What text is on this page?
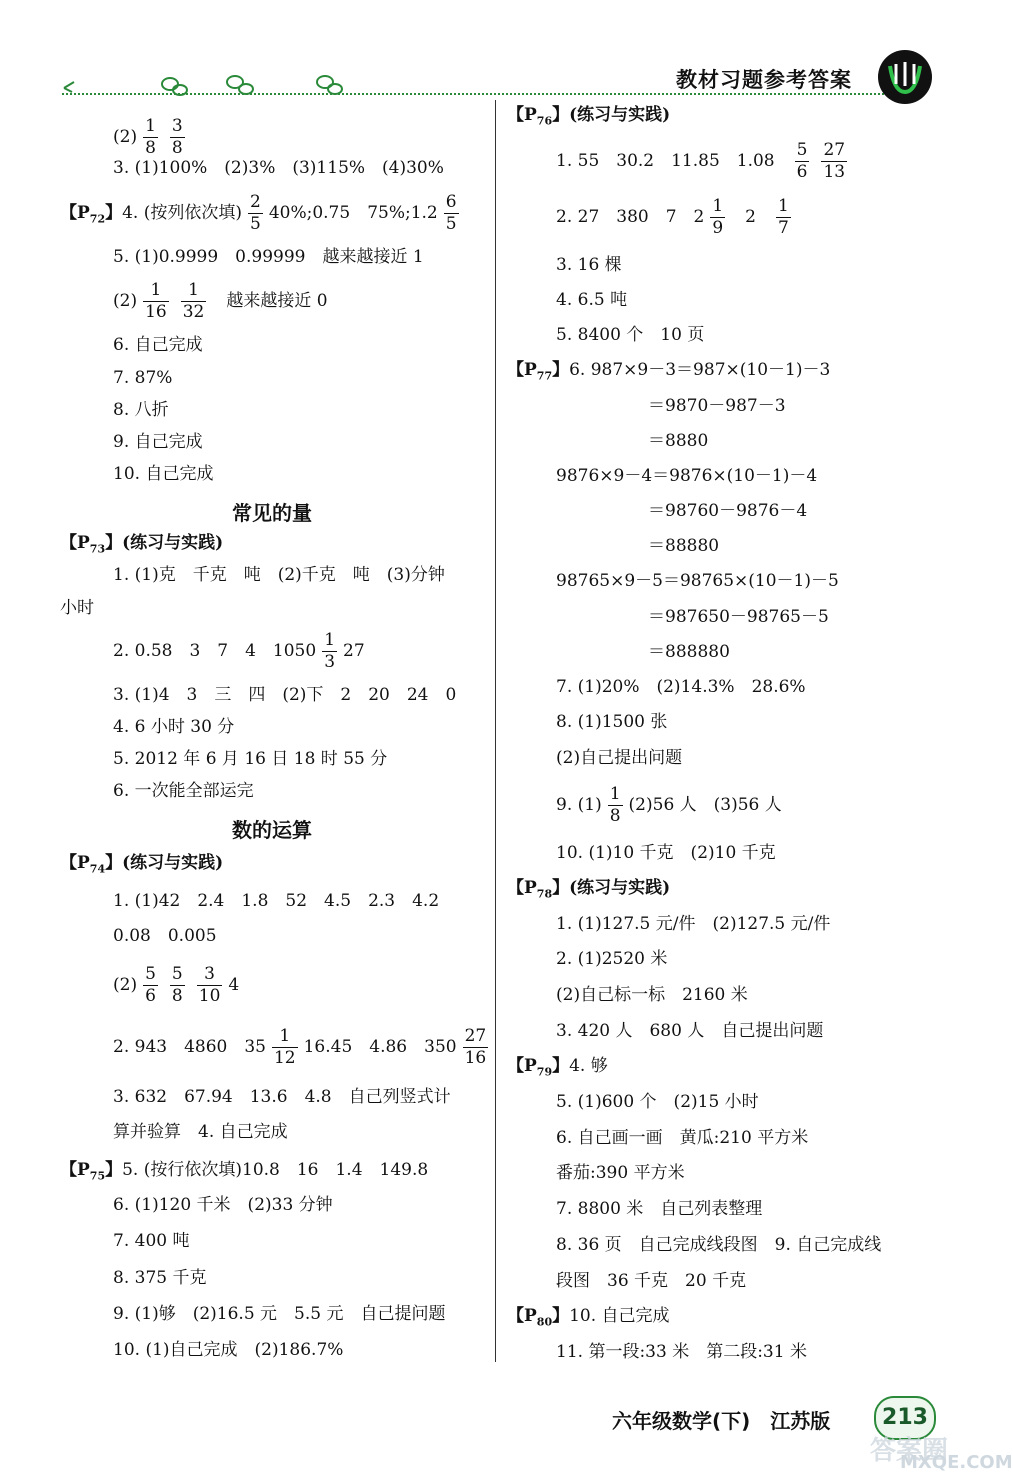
教材习题参考答案
$(2) \frac{1}{8} \frac{3}{8}$
3. (1)100%　(2)3%　(3)115%　(4)30%
【$P_{72}$】4. (按列依次填) $\frac{2}{5}$ 40%;0.75　75%;1.2 $\frac{6}{5}$
5. (1)0.9999　0.99999　越来越接近 1
$(2) \frac{1}{16} \frac{1}{32}$ 越来越接近 0
6. 自己完成
7. 87%
8. 八折
9. 自己完成
10. 自己完成
常见的量
【$P_{73}$】(练习与实践)
1. (1)克　千克　吨　(2)千克　吨　(3)分钟
小时
2. 0.58　3　7　4　$1050 \frac{1}{3} 27$
3. (1)4　3　三　四　(2)下　2　20　24　0
4. 6 小时 30 分
5. 2012 年 6 月 16 日 18 时 55 分
6. 一次能全部运完
数的运算
【$P_{74}$】(练习与实践)
1. (1)42　2.4　1.8　52　4.5　2.3　4.2
0.08　0.005
$(2) \frac{5}{6} \frac{5}{8} \frac{3}{10} 4$
2. 943　4860　$35 \frac{1}{12} 16.45$　4.86　$350 \frac{27}{16}$
3. 632　67.94　13.6　4.8　自己列竖式计
算并验算　4. 自己完成
【$P_{75}$】5. (按行依次填)10.8　16　1.4　149.8
6. (1)120 千米　(2)33 分钟
7. 400 吨
8. 375 千克
9. (1)够　(2)16.5 元　5.5 元　自己提问题
10. (1)自己完成　(2)186.7%
【$P_{76}$】(练习与实践)
1. 55　30.2　11.85　$1.08 \frac{5}{6} \frac{27}{13}$
2. 27　380　7　$2 \frac{1}{9} 2 \frac{1}{7}$
3. 16 棵
4. 6.5 吨
5. 8400 个　10 页
【$P_{77}$】6. 987×9－3＝987×(10－1)－3
＝9870－987－3
＝8880
9876×9－4＝9876×(10－1)－4
＝98760－9876－4
＝88880
98765×9－5＝98765×(10－1)－5
＝987650－98765－5
＝888880
7. (1)20%　(2)14.3%　28.6%
8. (1)1500 张
(2)自己提出问题
9. $(1) \frac{1}{8} (2)56$ 人　(3)56 人
10. (1)10 千克　(2)10 千克
【$P_{78}$】(练习与实践)
1. (1)127.5 元/件　(2)127.5 元/件
2. (1)2520 米
(2)自己标一标　2160 米
3. 420 人　680 人　自己提出问题
【$P_{79}$】4. 够
5. (1)600 个　(2)15 小时
6. 自己画一画　黄瓜:210 平方米
番茄:390 平方米
7. 8800 米　自己列表整理
8. 36 页　自己完成线段图　9. 自己完成线
段图　36 千克　20 千克
【$P_{80}$】10. 自己完成
11. 第一段:33 米　第二段:31 米
六年级数学(下)　江苏版	213
答案圈
MXQE.COM
